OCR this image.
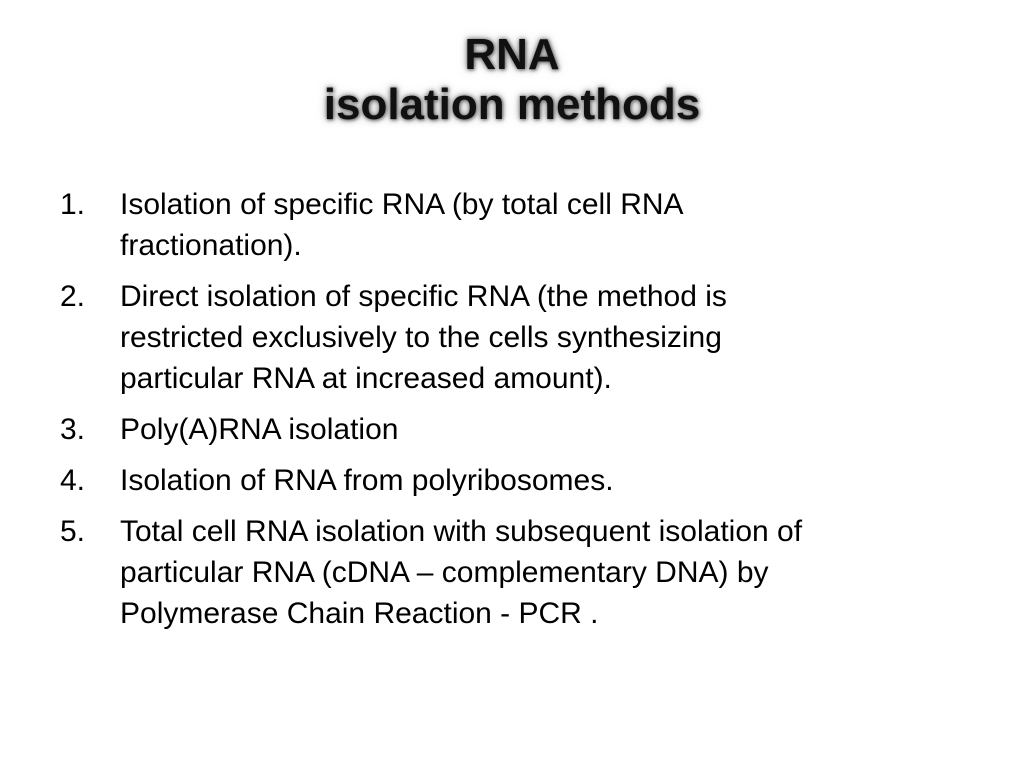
RNA
isolation methods
1.	Isolation of specific RNA (by total cell RNA
fractionation).
2.	Direct isolation of specific RNA (the method is
restricted exclusively to the cells synthesizing
particular RNA at increased amount).
3.	Poly(A)RNA isolation
4.	Isolation of RNA from polyribosomes.
5.	Total cell RNA isolation with subsequent isolation of
particular RNA (cDNA – complementary DNA) by
Polymerase Chain Reaction - PCR .
